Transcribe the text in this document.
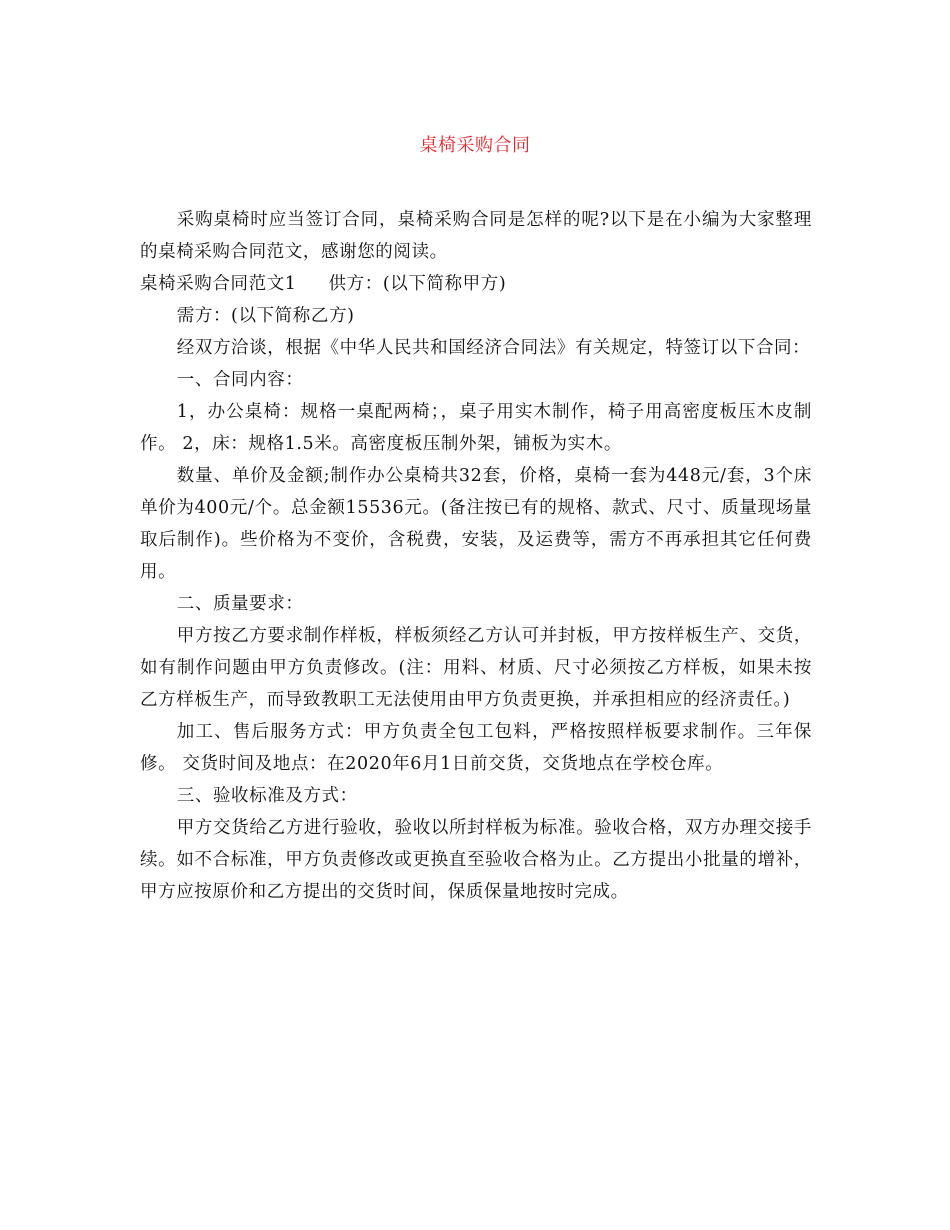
桌椅采购合同

采购桌椅时应当签订合同，桌椅采购合同是怎样的呢?以下是在小编为大家整理的桌椅采购合同范文，感谢您的阅读。

桌椅采购合同范文1 供方：(以下简称甲方)

需方：(以下简称乙方)

经双方洽谈，根据《中华人民共和国经济合同法》有关规定，特签订以下合同：

一、合同内容：

1，办公桌椅：规格一桌配两椅；，桌子用实木制作，椅子用高密度板压木皮制作。 2，床：规格1.5米。高密度板压制外架，铺板为实木。

数量、单价及金额;制作办公桌椅共32套，价格，桌椅一套为448元/套，3个床单价为400元/个。总金额15536元。(备注按已有的规格、款式、尺寸、质量现场量取后制作)。些价格为不变价，含税费，安装，及运费等，需方不再承担其它任何费用。

二、质量要求：

甲方按乙方要求制作样板，样板须经乙方认可并封板，甲方按样板生产、交货，如有制作问题由甲方负责修改。(注：用料、材质、尺寸必须按乙方样板，如果未按乙方样板生产，而导致教职工无法使用由甲方负责更换，并承担相应的经济责任。)

加工、售后服务方式：甲方负责全包工包料，严格按照样板要求制作。三年保修。 交货时间及地点：在2020年6月1日前交货，交货地点在学校仓库。

三、验收标准及方式：

甲方交货给乙方进行验收，验收以所封样板为标准。验收合格，双方办理交接手续。如不合标准，甲方负责修改或更换直至验收合格为止。乙方提出小批量的增补，甲方应按原价和乙方提出的交货时间，保质保量地按时完成。
